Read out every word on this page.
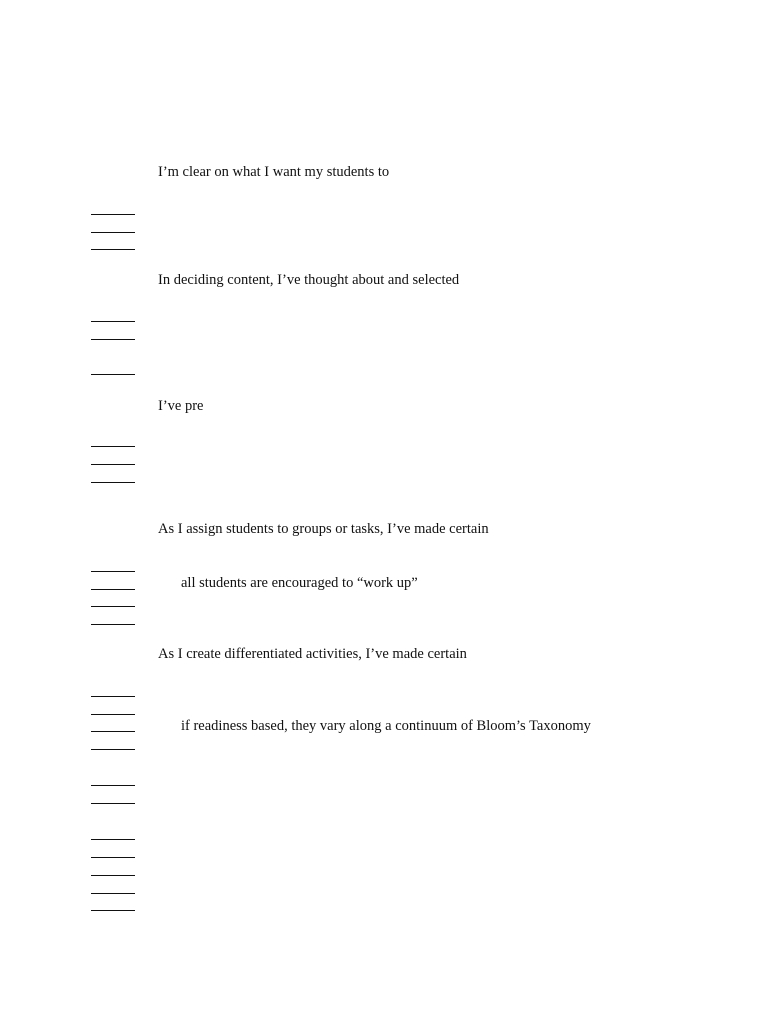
I’m clear on what I want my students to
In deciding content, I’ve thought about and selected
I’ve pre
As I assign students to groups or tasks, I’ve made certain
all students are encouraged to “work up”
As I create differentiated activities, I’ve made certain
if readiness based, they vary along a continuum of Bloom’s Taxonomy
